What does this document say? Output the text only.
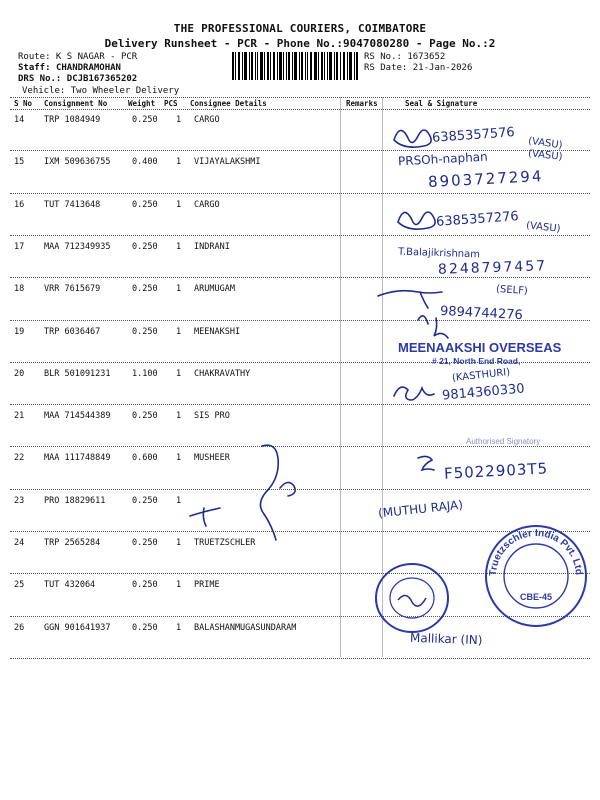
THE PROFESSIONAL COURIERS, COIMBATORE
Delivery Runsheet - PCR - Phone No.:9047080280 - Page No.:2
Route: K S NAGAR - PCR
Staff: CHANDRAMOHAN
DRS No.: DCJB167365202
Vehicle: Two Wheeler Delivery
RS No.: 1673652
RS Date: 21-Jan-2026
S No Consignment No	Weight PCS Consignee Details	Remarks	Seal & Signature
14 TRP 1084949	0.250 1 CARGO
15 IXM 509636755	0.400 1 VIJAYALAKSHMI
16 TUT 7413648	0.250 1 CARGO
17 MAA 712349935	0.250 1 INDRANI
18 VRR 7615679	0.250 1 ARUMUGAM
19 TRP 6036467	0.250 1 MEENAKSHI
20 BLR 501091231	1.100 1 CHAKRAVATHY
21 MAA 714544389	0.250 1 SIS PRO
22 MAA 111748849	0.600 1 MUSHEER
23 PRO 18829611	0.250 1
24 TRP 2565284	0.250 1 TRUETZSCHLER
25 TUT 432064	0.250 1 PRIME
26 GGN 901641937	0.250 1 BALASHANMUGASUNDARAM
6385357576 (VASU)
PRSOh-naphan	(VASU)
8903727294
6385357276 (VASU)
T.Balajikrishnam
8248797457
(SELF)
9894744276
(KASTHURI)
9814360330
F5022903T5
(MUTHU RAJA)
Mallikar (IN)
MEENAAKSHI OVERSEAS
# 21, North End Road,
Authorised Signatory
Truetzschler India Pvt. Ltd
CBE-45
